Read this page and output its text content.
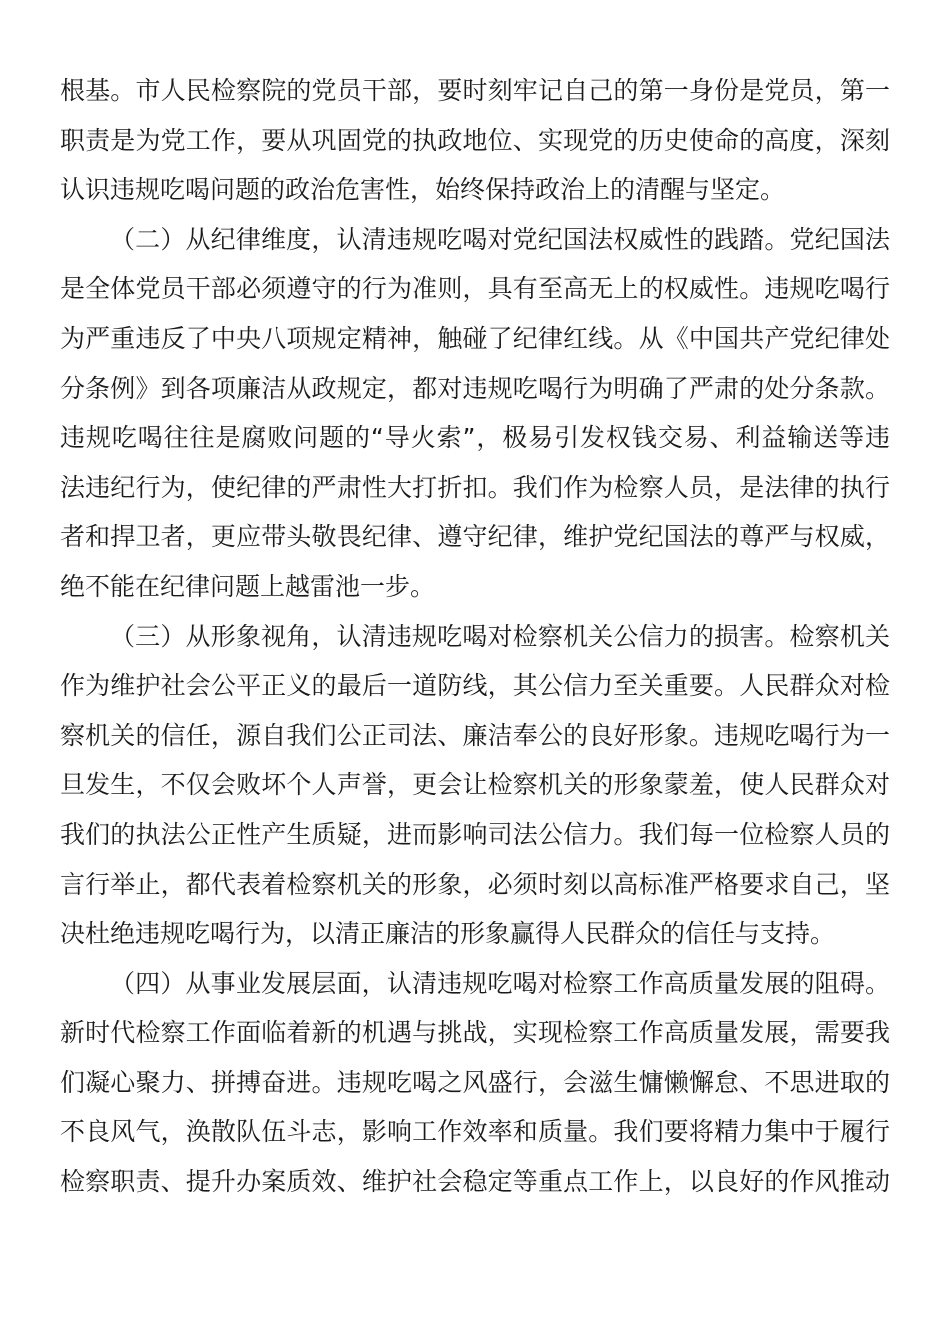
根基。市人民检察院的党员干部，要时刻牢记自己的第一身份是党员，第一
职责是为党工作，要从巩固党的执政地位、实现党的历史使命的高度，深刻
认识违规吃喝问题的政治危害性，始终保持政治上的清醒与坚定。
（二）从纪律维度，认清违规吃喝对党纪国法权威性的践踏。党纪国法
是全体党员干部必须遵守的行为准则，具有至高无上的权威性。违规吃喝行
为严重违反了中央八项规定精神，触碰了纪律红线。从《中国共产党纪律处
分条例》到各项廉洁从政规定，都对违规吃喝行为明确了严肃的处分条款。
违规吃喝往往是腐败问题的“导火索”，极易引发权钱交易、利益输送等违
法违纪行为，使纪律的严肃性大打折扣。我们作为检察人员，是法律的执行
者和捍卫者，更应带头敬畏纪律、遵守纪律，维护党纪国法的尊严与权威，
绝不能在纪律问题上越雷池一步。
（三）从形象视角，认清违规吃喝对检察机关公信力的损害。检察机关
作为维护社会公平正义的最后一道防线，其公信力至关重要。人民群众对检
察机关的信任，源自我们公正司法、廉洁奉公的良好形象。违规吃喝行为一
旦发生，不仅会败坏个人声誉，更会让检察机关的形象蒙羞，使人民群众对
我们的执法公正性产生质疑，进而影响司法公信力。我们每一位检察人员的
言行举止，都代表着检察机关的形象，必须时刻以高标准严格要求自己，坚
决杜绝违规吃喝行为，以清正廉洁的形象赢得人民群众的信任与支持。
（四）从事业发展层面，认清违规吃喝对检察工作高质量发展的阻碍。
新时代检察工作面临着新的机遇与挑战，实现检察工作高质量发展，需要我
们凝心聚力、拼搏奋进。违规吃喝之风盛行，会滋生慵懒懈怠、不思进取的
不良风气，涣散队伍斗志，影响工作效率和质量。我们要将精力集中于履行
检察职责、提升办案质效、维护社会稳定等重点工作上，以良好的作风推动
